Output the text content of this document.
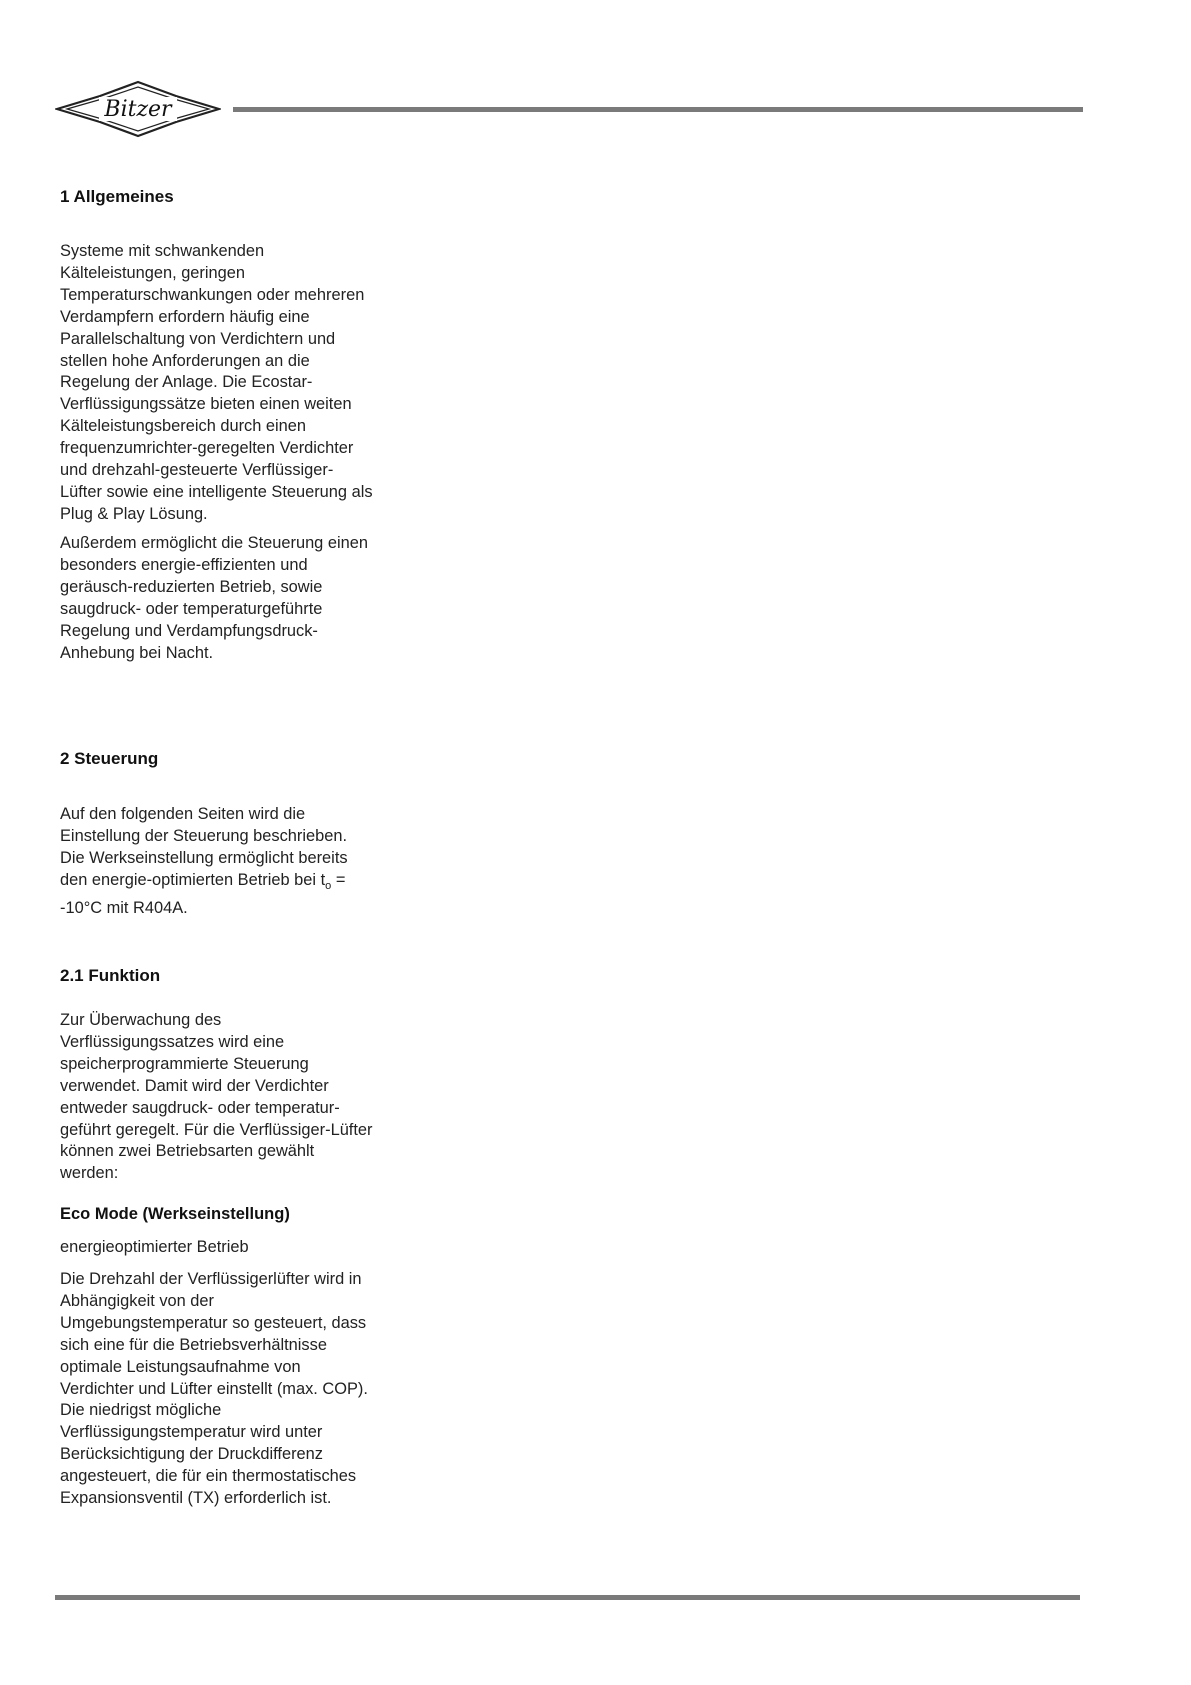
Bitzer
1 Allgemeines

Systeme mit schwankenden Kälteleistungen, geringen Temperaturschwankungen oder mehreren Verdampfern erfordern häufig eine Parallelschaltung von Verdichtern und stellen hohe Anforderungen an die Regelung der Anlage. Die Ecostar-Verflüssigungssätze bieten einen weiten Kälteleistungsbereich durch einen frequenzumrichter-geregelten Verdichter und drehzahl-gesteuerte Verflüssiger-Lüfter sowie eine intelligente Steuerung als Plug & Play Lösung.

Außerdem ermöglicht die Steuerung einen besonders energie-effizienten und geräusch-reduzierten Betrieb, sowie saugdruck- oder temperaturgeführte Regelung und Verdampfungsdruck-Anhebung bei Nacht.

2 Steuerung

Auf den folgenden Seiten wird die Einstellung der Steuerung beschrieben. Die Werkseinstellung ermöglicht bereits den energie-optimierten Betrieb bei $t_o = -10^\circ C$ mit R404A.

2.1 Funktion

Zur Überwachung des Verflüssigungssatzes wird eine speicherprogrammierte Steuerung verwendet. Damit wird der Verdichter entweder saugdruck- oder temperatur-geführt geregelt. Für die Verflüssiger-Lüfter können zwei Betriebsarten gewählt werden:

Eco Mode (Werkseinstellung)

energieoptimierter Betrieb

Die Drehzahl der Verflüssigerlüfter wird in Abhängigkeit von der Umgebungstemperatur so gesteuert, dass sich eine für die Betriebsverhältnisse optimale Leistungsaufnahme von Verdichter und Lüfter einstellt (max. COP). Die niedrigst mögliche Verflüssigungstemperatur wird unter Berücksichtigung der Druckdifferenz angesteuert, die für ein thermostatisches Expansionsventil (TX) erforderlich ist.
